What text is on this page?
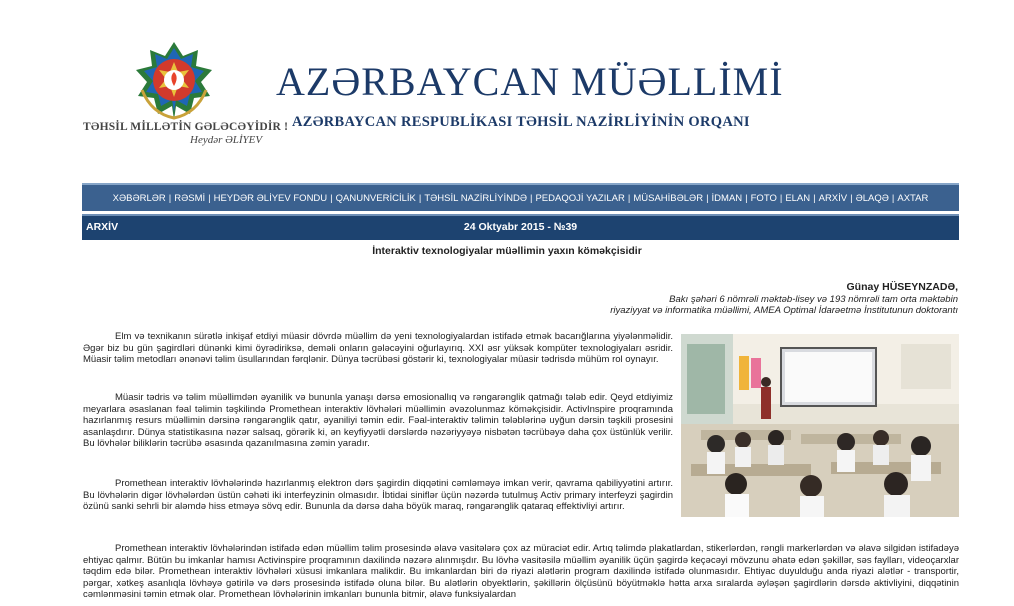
TƏHSİL MİLLƏTİN GƏLƏCƏYİDİR !
Heydər ƏLİYEV
AZƏRBAYCAN MÜƏLLİMİ
AZƏRBAYCAN RESPUBLİKASI TƏHSİL NAZİRLİYİNİN ORQANI
XƏBƏRLƏR | RƏSMİ | HEYDƏR ƏLİYEV FONDU | QANUNVERİCİLİK | TƏHSİL NAZİRLİYİNDƏ | PEDAQOJİ YAZILAR | MÜSAHİBƏLƏR | İDMAN | FOTO | ELAN | ARXİV | ƏLAQƏ | AXTAR
24 Oktyabr 2015 - №39
ARXİV
İnteraktiv texnologiyalar müəllimin yaxın köməkçisidir
Günay HÜSEYNZADƏ,
Bakı şəhəri 6 nömrəli məktəb-lisey və 193 nömrəli tam orta məktəbin
riyaziyyat və informatika müəllimi, AMEA Optimal İdarəetmə İnstitutunun doktorantı

Elm və texnikanın sürətlə inkişaf etdiyi müasir dövrdə müəllim də yeni texnologiyalardan istifadə etmək bacarığlarına yiyələnməlidir. Əgər biz bu gün şagirdləri dünənki kimi öyrədiriksə, deməli onların gələcəyini oğurlayırıq. XXI əsr yüksək kompüter texnologiyaları əsridir. Müasir təlim metodları ənənəvi təlim üsullarından fərqlənir. Dünya təcrübəsi göstərir ki, texnologiyalar müasir tədrisdə mühüm rol oynayır.

Müasir tədris və təlim müəllimdən əyanilik və bununla yanaşı dərsə emosionallıq və rəngarənglik qatmağı tələb edir. Qeyd etdiyimiz meyarlara əsaslanan fəal təlimin təşkilində Promethean interaktiv lövhələri müəllimin əvəzolunmaz köməkçisidir. ActivInspire proqramında hazırlanmış resurs müəllimin dərsinə rəngarənglik qatır, əyaniliyi təmin edir. Fəal-interaktiv təlimin tələblərinə uyğun dərsin təşkili prosesini asanlaşdırır. Dünya statistikasına nəzər salsaq, görərik ki, ən keyfiyyətli dərslərdə nəzəriyyəyə nisbətən təcrübəyə daha çox üstünlük verilir. Bu lövhələr biliklərin təcrübə əsasında qazanılmasına zəmin yaradır.

Promethean interaktiv lövhələrində hazırlanmış elektron dərs şagirdin diqqətini cəmləməyə imkan verir, qavrama qabiliyyətini artırır. Bu lövhələrin digər lövhələrdən üstün cəhəti iki interfeyzinin olmasıdır. İbtidai siniflər üçün nəzərdə tutulmuş Activ primary interfeyzi şagirdin özünü sanki sehrli bir aləmdə hiss etməyə sövq edir. Bununla da dərsə daha böyük maraq, rəngarənglik qataraq effektivliyi artırır.

Promethean interaktiv lövhələrindən istifadə edən müəllim təlim prosesində əlavə vasitələrə çox az müraciət edir. Artıq təlimdə plakatlardan, stikerlərdən, rəngli markerlərdən və əlavə silgidən istifadəyə ehtiyac qalmır. Bütün bu imkanlar hamısı Activinspire proqramının daxilində nəzərə alınmışdır. Bu lövhə vasitəsilə müəllim əyanilik üçün şagirdə keçəcəyi mövzunu əhatə edən şəkillər, səs faylları, videoçarxlar təqdim edə bilər. Promethean interaktiv lövhələri xüsusi imkanlara malikdir. Bu imkanlardan biri də riyazi alətlərin program daxilində istifadə olunmasıdır. Ehtiyac duyulduğu anda riyazi alətlər - transportir, pərgar, xətkeş asanlıqla lövhəyə gətirilə və dərs prosesində istifadə oluna bilər. Bu alətlərin obyektlərin, şəkillərin ölçüsünü böyütməklə hətta arxa sıralarda əyləşən şagirdlərin dərsdə aktivliyini, diqqətinin cəmlənməsini təmin etmək olar. Promethean lövhələrinin imkanları bununla bitmir, əlavə funksiyalardan
